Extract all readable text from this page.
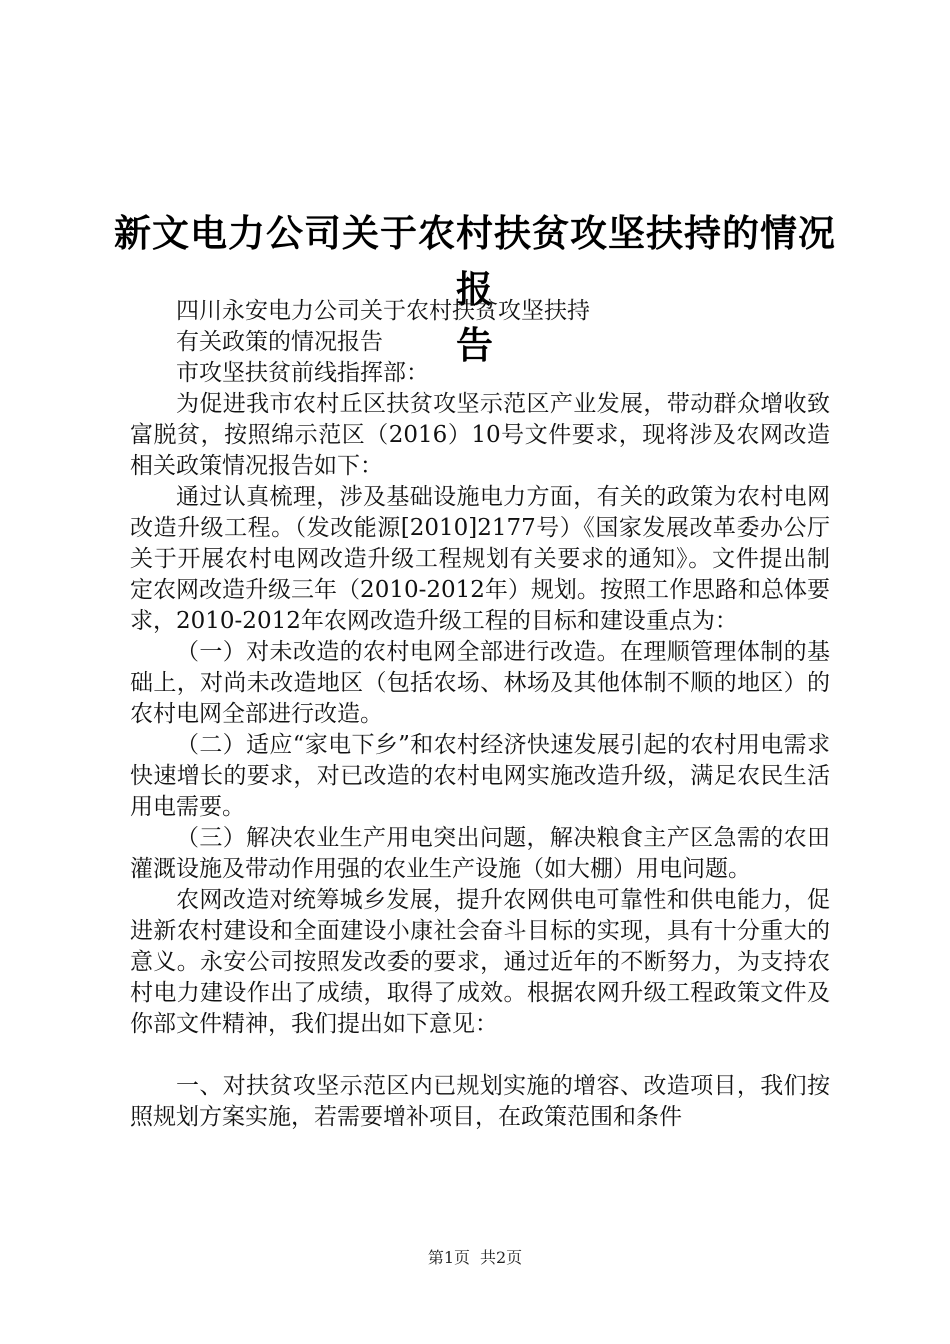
新文电力公司关于农村扶贫攻坚扶持的情况报
告

四川永安电力公司关于农村扶贫攻坚扶持

有关政策的情况报告

市攻坚扶贫前线指挥部：

为促进我市农村丘区扶贫攻坚示范区产业发展，带动群众增收致富脱贫，按照绵示范区（2016）10号文件要求，现将涉及农网改造相关政策情况报告如下：

通过认真梳理，涉及基础设施电力方面，有关的政策为农村电网改造升级工程。（发改能源[2010]2177号）《国家发展改革委办公厅关于开展农村电网改造升级工程规划有关要求的通知》。文件提出制定农网改造升级三年（2010-2012年）规划。按照工作思路和总体要求，2010-2012年农网改造升级工程的目标和建设重点为：

（一）对未改造的农村电网全部进行改造。在理顺管理体制的基础上，对尚未改造地区（包括农场、林场及其他体制不顺的地区）的农村电网全部进行改造。

（二）适应“家电下乡”和农村经济快速发展引起的农村用电需求快速增长的要求，对已改造的农村电网实施改造升级，满足农民生活用电需要。

（三）解决农业生产用电突出问题，解决粮食主产区急需的农田灌溉设施及带动作用强的农业生产设施（如大棚）用电问题。

农网改造对统筹城乡发展，提升农网供电可靠性和供电能力，促进新农村建设和全面建设小康社会奋斗目标的实现，具有十分重大的意义。永安公司按照发改委的要求，通过近年的不断努力，为支持农村电力建设作出了成绩，取得了成效。根据农网升级工程政策文件及你部文件精神，我们提出如下意见：

一、对扶贫攻坚示范区内已规划实施的增容、改造项目，我们按照规划方案实施，若需要增补项目，在政策范围和条件

第1页 共2页
